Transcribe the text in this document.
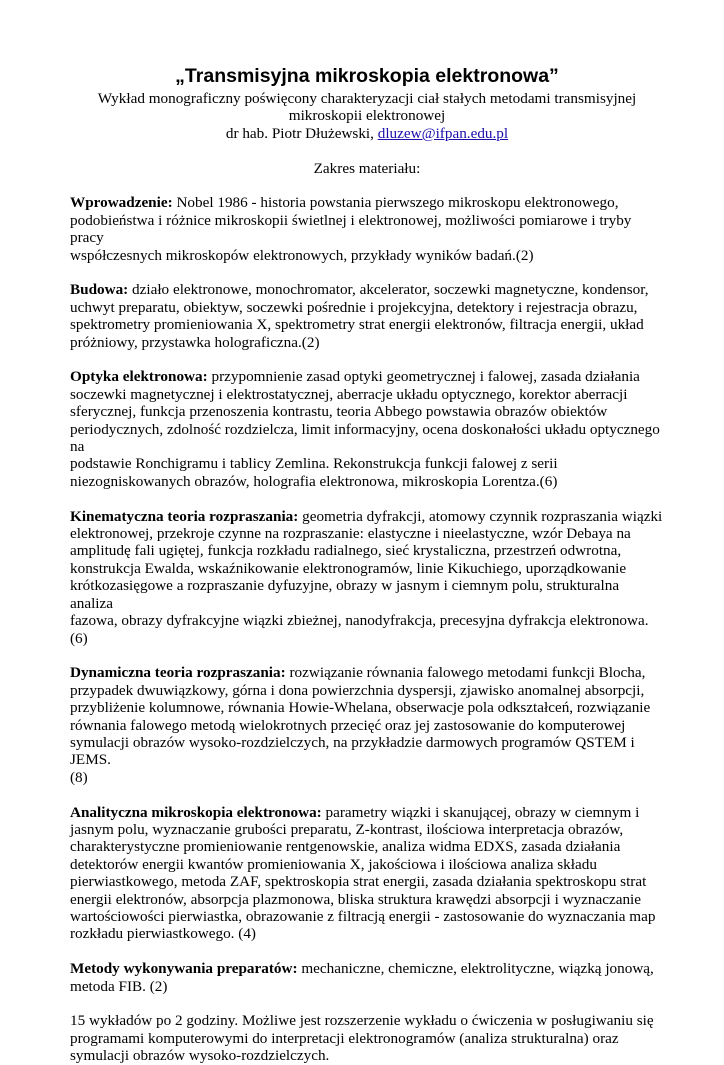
„Transmisyjna mikroskopia elektronowa”
Wykład monograficzny poświęcony charakteryzacji ciał stałych metodami transmisyjnej
mikroskopii elektronowej
dr hab. Piotr Dłużewski, dluzew@ifpan.edu.pl
Zakres materiału:
Wprowadzenie: Nobel 1986 - historia powstania pierwszego mikroskopu elektronowego,
podobieństwa i różnice mikroskopii świetlnej i elektronowej, możliwości pomiarowe i tryby pracy
współczesnych mikroskopów elektronowych, przykłady wyników badań.(2)
Budowa: działo elektronowe, monochromator, akcelerator, soczewki magnetyczne, kondensor,
uchwyt preparatu, obiektyw, soczewki pośrednie i projekcyjna, detektory i rejestracja obrazu,
spektrometry promieniowania X, spektrometry strat energii elektronów, filtracja energii, układ
próżniowy, przystawka holograficzna.(2)
Optyka elektronowa: przypomnienie zasad optyki geometrycznej i falowej, zasada działania
soczewki magnetycznej i elektrostatycznej, aberracje układu optycznego, korektor aberracji
sferycznej, funkcja przenoszenia kontrastu, teoria Abbego powstawia obrazów obiektów
periodycznych, zdolność rozdzielcza, limit informacyjny, ocena doskonałości układu optycznego na
podstawie Ronchigramu i tablicy Zemlina. Rekonstrukcja funkcji falowej z serii
niezogniskowanych obrazów, holografia elektronowa, mikroskopia Lorentza.(6)
Kinematyczna teoria rozpraszania: geometria dyfrakcji, atomowy czynnik rozpraszania wiązki
elektronowej, przekroje czynne na rozpraszanie: elastyczne i nieelastyczne, wzór Debaya na
amplitudę fali ugiętej, funkcja rozkładu radialnego, sieć krystaliczna, przestrzeń odwrotna,
konstrukcja Ewalda, wskaźnikowanie elektronogramów, linie Kikuchiego, uporządkowanie
krótkozasięgowe a rozpraszanie dyfuzyjne, obrazy w jasnym i ciemnym polu, strukturalna analiza
fazowa, obrazy dyfrakcyjne wiązki zbieżnej, nanodyfrakcja, precesyjna dyfrakcja elektronowa.(6)
Dynamiczna teoria rozpraszania: rozwiązanie równania falowego metodami funkcji Blocha,
przypadek dwuwiązkowy, górna i dona powierzchnia dyspersji, zjawisko anomalnej absorpcji,
przybliżenie kolumnowe, równania Howie-Whelana, obserwacje pola odkształceń, rozwiązanie
równania falowego metodą wielokrotnych przecięć oraz jej zastosowanie do komputerowej
symulacji obrazów wysoko-rozdzielczych, na przykładzie darmowych programów QSTEM i JEMS.
(8)
Analityczna mikroskopia elektronowa: parametry wiązki i skanującej, obrazy w ciemnym i
jasnym polu, wyznaczanie grubości preparatu, Z-kontrast, ilościowa interpretacja obrazów,
charakterystyczne promieniowanie rentgenowskie, analiza widma EDXS, zasada działania
detektorów energii kwantów promieniowania X, jakościowa i ilościowa analiza składu
pierwiastkowego, metoda ZAF, spektroskopia strat energii, zasada działania spektroskopu strat
energii elektronów, absorpcja plazmonowa, bliska struktura krawędzi absorpcji i wyznaczanie
wartościowości pierwiastka, obrazowanie z filtracją energii - zastosowanie do wyznaczania map
rozkładu pierwiastkowego. (4)
Metody wykonywania preparatów: mechaniczne, chemiczne, elektrolityczne, wiązką jonową,
metoda FIB. (2)
15 wykładów po 2 godziny. Możliwe jest rozszerzenie wykładu o ćwiczenia w posługiwaniu się
programami komputerowymi do interpretacji elektronogramów (analiza strukturalna) oraz
symulacji obrazów wysoko-rozdzielczych.
